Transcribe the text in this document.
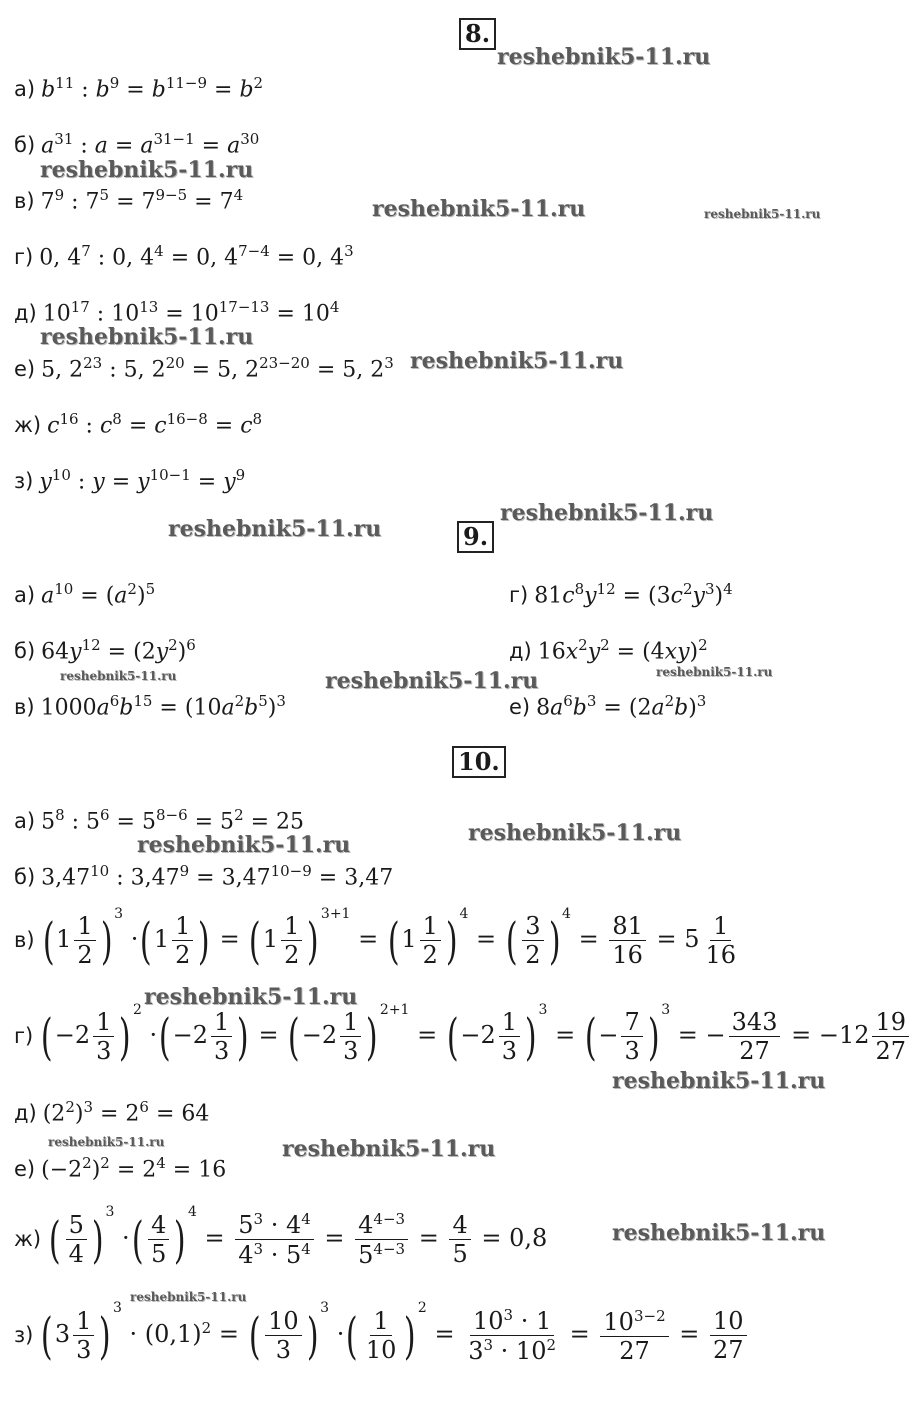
8.
reshebnik5-11.ru
а) $b^{11}$ : $b^9 = b^{11-9} = b^2$
б) $a^{31}$ : $a = a^{31-1} = a^{30}$
reshebnik5-11.ru
в) $7^9$ : $7^5 = 7^{9-5} = 7^4$
reshebnik5-11.ru	reshebnik5-11.ru
г) 0, $4^7$ : 0, $4^4 = 0$, $4^{7-4} = 0$, $4^3$
д) $10^{17}$ : $10^{13} = 10^{17-13} = 10^4$
reshebnik5-11.ru
е) 5, $2^{23}$ : 5, $2^{20} = 5$, $2^{23-20} = 5$, $2^3$ reshebnik5-11.ru
ж) $c^{16}$ : $c^8 = c^{16-8} = c^8$
з) $y^{10}$ : $y = y^{10-1} = y^9$
reshebnik5-11.ru
reshebnik5-11.ru	9.
а) $a^{10} = (a^2)^5$	г) $81c^8y^{12} = (3c^2y^3)^4$
б) $64y^{12} = (2y^2)^6$	д) $16x^2y^2 = (4xy)^2$
reshebnik5-11.ru	reshebnik5-11.ru	reshebnik5-11.ru
в) $1000a^6b^{15} = (10a^2b^5)^3$	е) $8a^6b^3 = (2a^2b)^3$
10.
а) $5^8$ : $5^6 = 5^{8-6} = 5^2 = 25$	reshebnik5-11.ru
reshebnik5-11.ru
б) 3,47$^{10}$ : $3,47^9 = 3,47^{10-9} = 3,47$
в) ($1 \frac{1}{2}$ ) $^3 \cdot(1 \frac{1}{2}$ ) = ($1 \frac{1}{2}$ ) $^{3+1} = (1 \frac{1}{2}$ ) $^4$ = ( $\frac{3}{2}$ ) $^4 = \frac{81}{16} = 5 \frac{1}{16}$
reshebnik5-11.ru
г) ($-2 \frac{1}{3}$ ) $^2 \cdot(-2 \frac{1}{3}$ ) = ($-2 \frac{1}{3}$ ) $^{2+1} = (-2 \frac{1}{3}$ ) $^3$ = (− $\frac{7}{3}$ ) $^3$ = − $\frac{343}{27} = -12 \frac{19}{27}$
reshebnik5-11.ru
д) $(2^2)^3 = 2^6 = 64$
reshebnik5-11.ru	reshebnik5-11.ru
е) $(-2^2)^2 = 2^4 = 16$
ж) ( $\frac{5}{4}$ ) $^3$ ·( $\frac{4}{5}$ ) $^4 = \frac{5^3 \cdot 4^4}{4^3 \cdot 5^4} = \frac{4^{4-3}}{5^{4-3}} = \frac{4}{5} = 0,8$	reshebnik5-11.ru
reshebnik5-11.ru
з) ($3 \frac{1}{3}$ ) $^3 \cdot (0,1)^2$ = ( $\frac{10}{3}$ ) $^3$ ·( $\frac{1}{10}$ ) $^2 = \frac{10^3 \cdot 1}{3^3 \cdot 10^2} = \frac{10^{3-2}}{27} = \frac{10}{27}$
